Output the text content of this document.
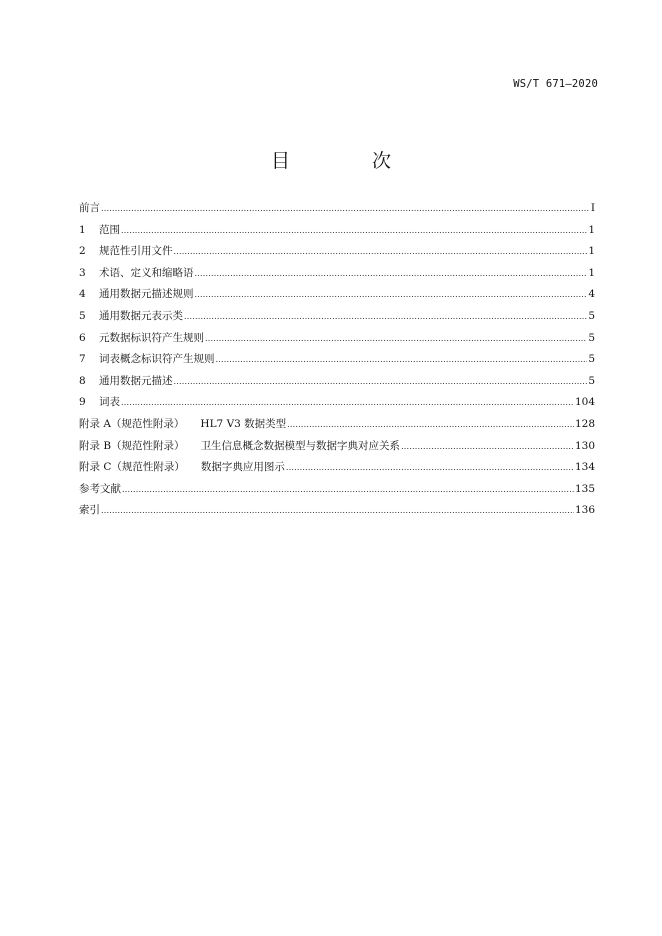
WS/T 671—2020
目 次
前言 .....	I
1 范围 .....	1
2 规范性引用文件 .....	1
3 术语、定义和缩略语 .....	1
4 通用数据元描述规则 .....	4
5 通用数据元表示类 .....	5
6 元数据标识符产生规则 .....	5
7 词表概念标识符产生规则 .....	5
8 通用数据元描述 .....	5
9 词表 .....	104
附录 A（规范性附录） HL7 V3 数据类型 .....	128
附录 B（规范性附录） 卫生信息概念数据模型与数据字典对应关系 .....	130
附录 C（规范性附录） 数据字典应用图示 .....	134
参考文献 .....	135
索引 .....	136
